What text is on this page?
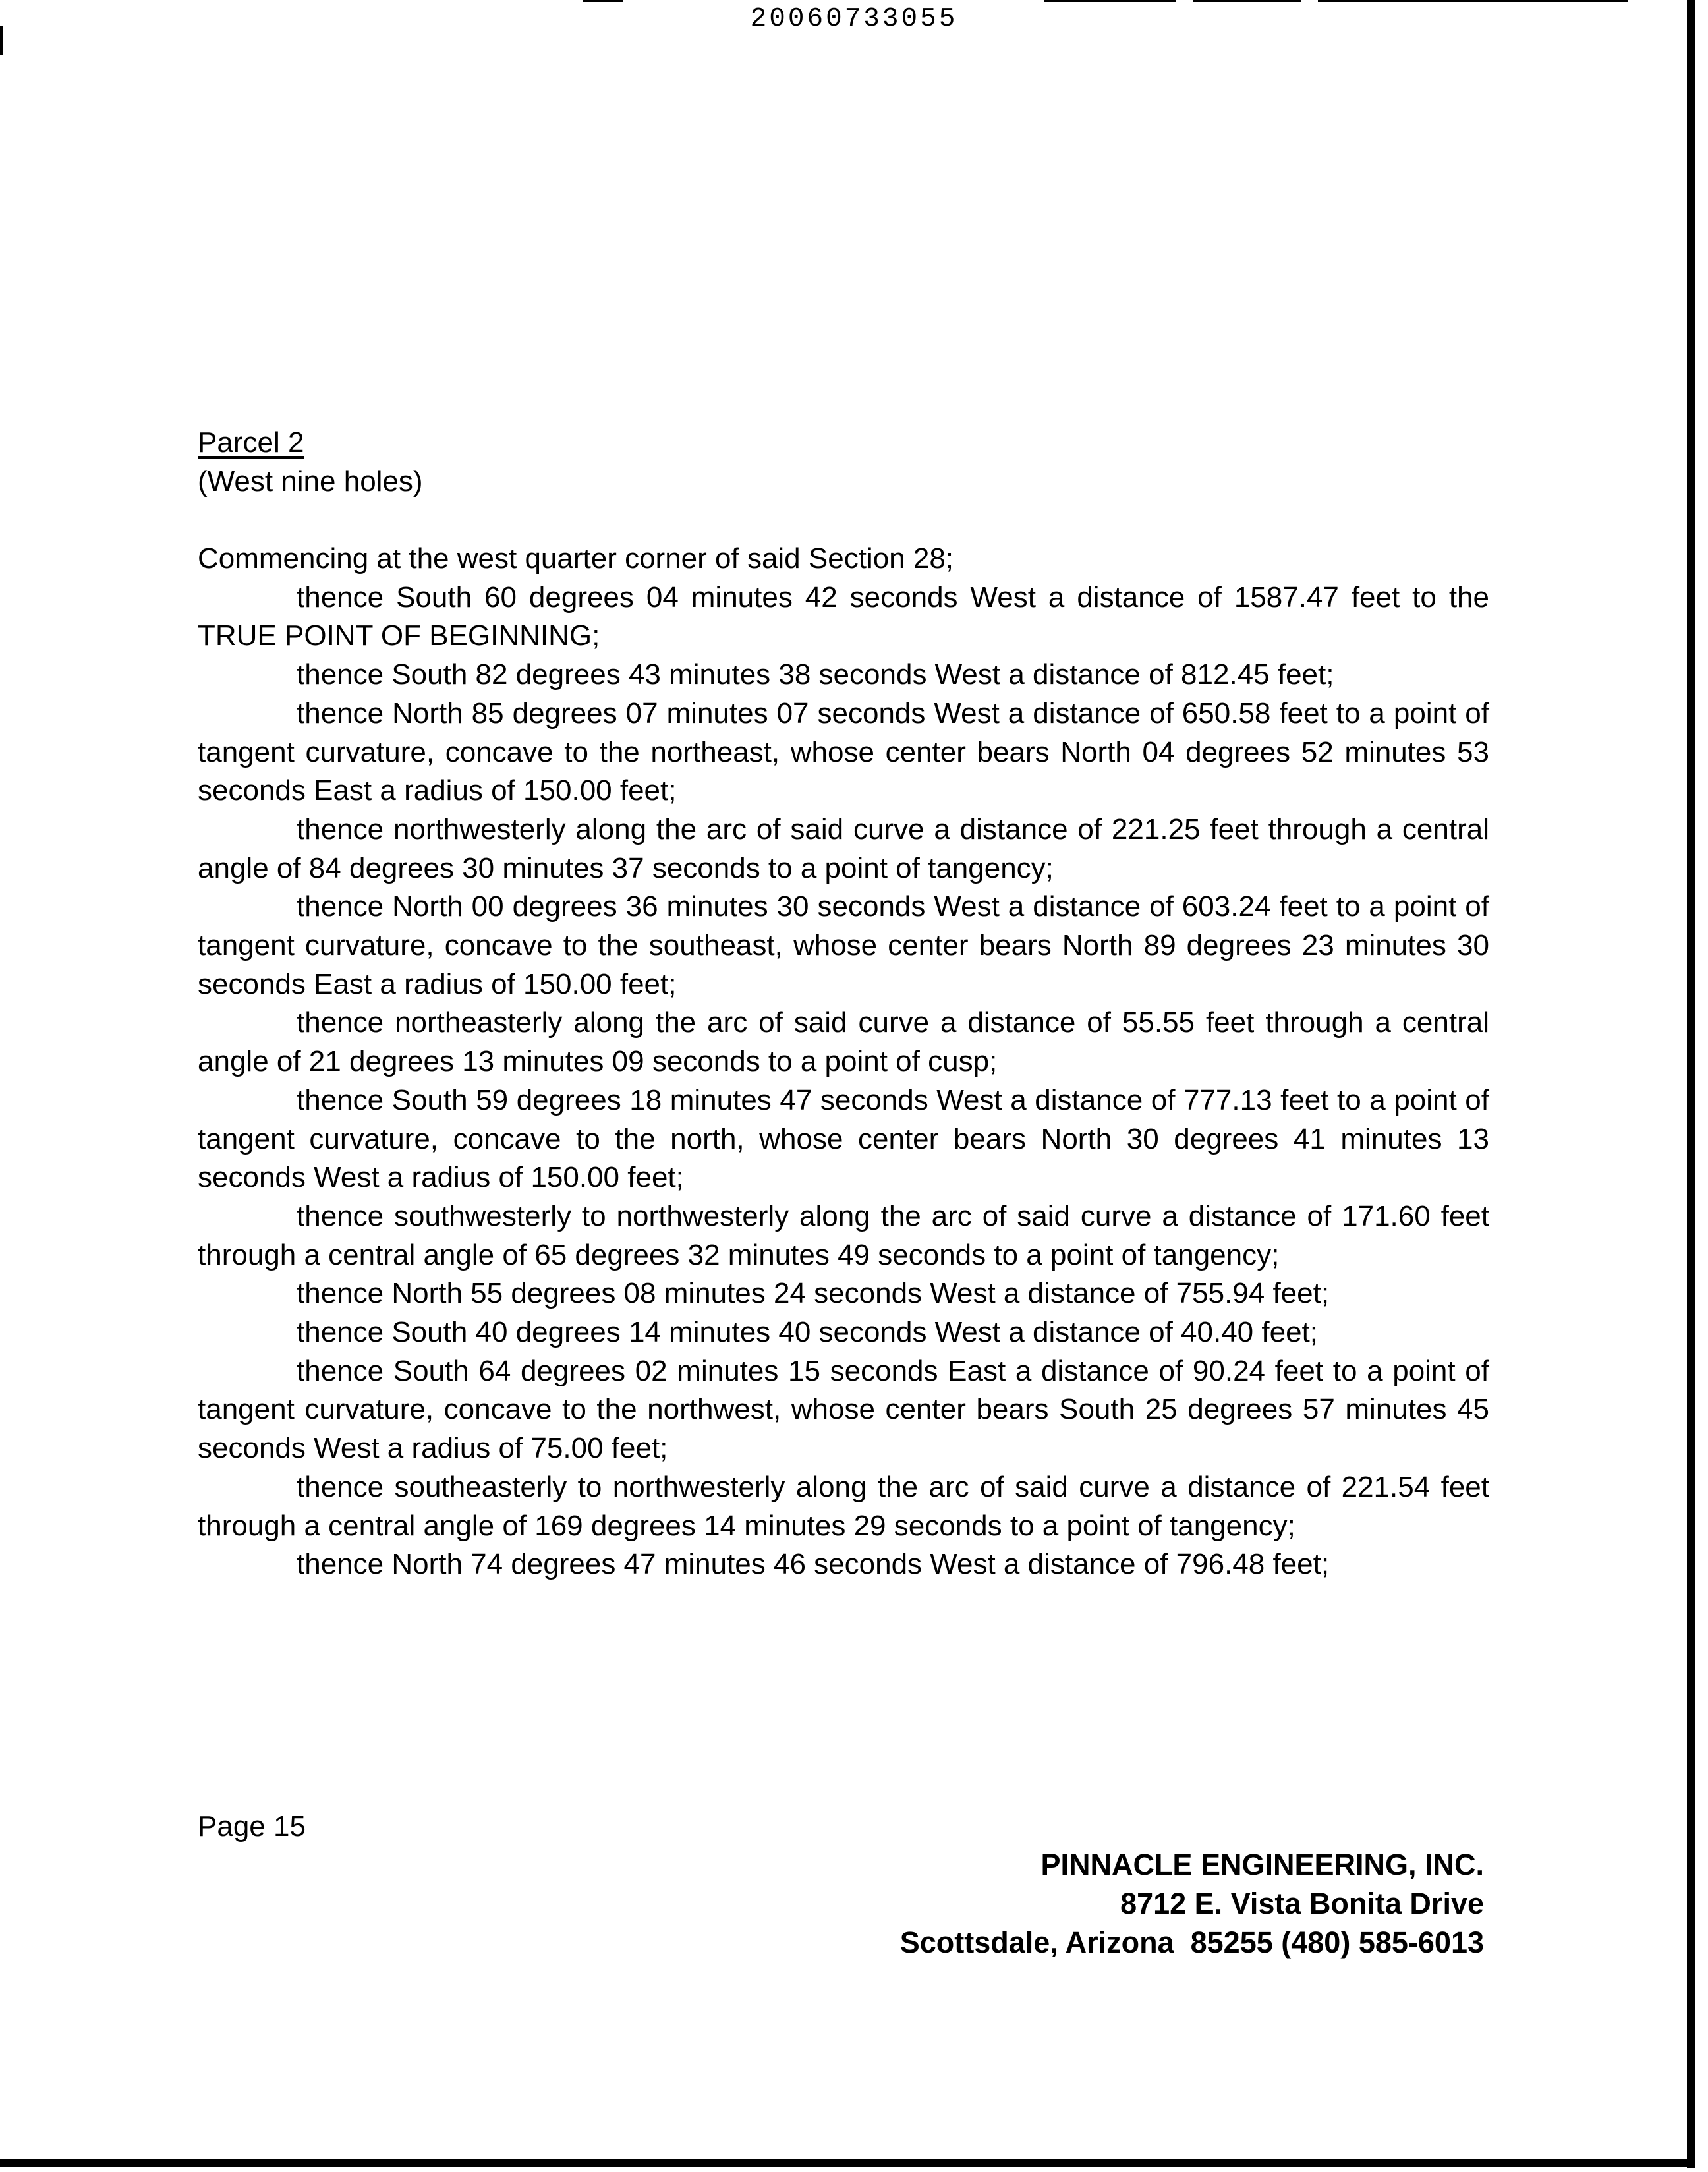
20060733055
Parcel 2
(West nine holes)

Commencing at the west quarter corner of said Section 28;

thence South 60 degrees 04 minutes 42 seconds West a distance of 1587.47 feet to the TRUE POINT OF BEGINNING;

thence South 82 degrees 43 minutes 38 seconds West a distance of 812.45 feet;

thence North 85 degrees 07 minutes 07 seconds West a distance of 650.58 feet to a point of tangent curvature, concave to the northeast, whose center bears North 04 degrees 52 minutes 53 seconds East a radius of 150.00 feet;

thence northwesterly along the arc of said curve a distance of 221.25 feet through a central angle of 84 degrees 30 minutes 37 seconds to a point of tangency;

thence North 00 degrees 36 minutes 30 seconds West a distance of 603.24 feet to a point of tangent curvature, concave to the southeast, whose center bears North 89 degrees 23 minutes 30 seconds East a radius of 150.00 feet;

thence northeasterly along the arc of said curve a distance of 55.55 feet through a central angle of 21 degrees 13 minutes 09 seconds to a point of cusp;

thence South 59 degrees 18 minutes 47 seconds West a distance of 777.13 feet to a point of tangent curvature, concave to the north, whose center bears North 30 degrees 41 minutes 13 seconds West a radius of 150.00 feet;

thence southwesterly to northwesterly along the arc of said curve a distance of 171.60 feet through a central angle of 65 degrees 32 minutes 49 seconds to a point of tangency;

thence North 55 degrees 08 minutes 24 seconds West a distance of 755.94 feet;

thence South 40 degrees 14 minutes 40 seconds West a distance of 40.40 feet;

thence South 64 degrees 02 minutes 15 seconds East a distance of 90.24 feet to a point of tangent curvature, concave to the northwest, whose center bears South 25 degrees 57 minutes 45 seconds West a radius of 75.00 feet;

thence southeasterly to northwesterly along the arc of said curve a distance of 221.54 feet through a central angle of 169 degrees 14 minutes 29 seconds to a point of tangency;

thence North 74 degrees 47 minutes 46 seconds West a distance of 796.48 feet;

Page 15
PINNACLE ENGINEERING, INC.
8712 E. Vista Bonita Drive
Scottsdale, Arizona  85255 (480) 585-6013
